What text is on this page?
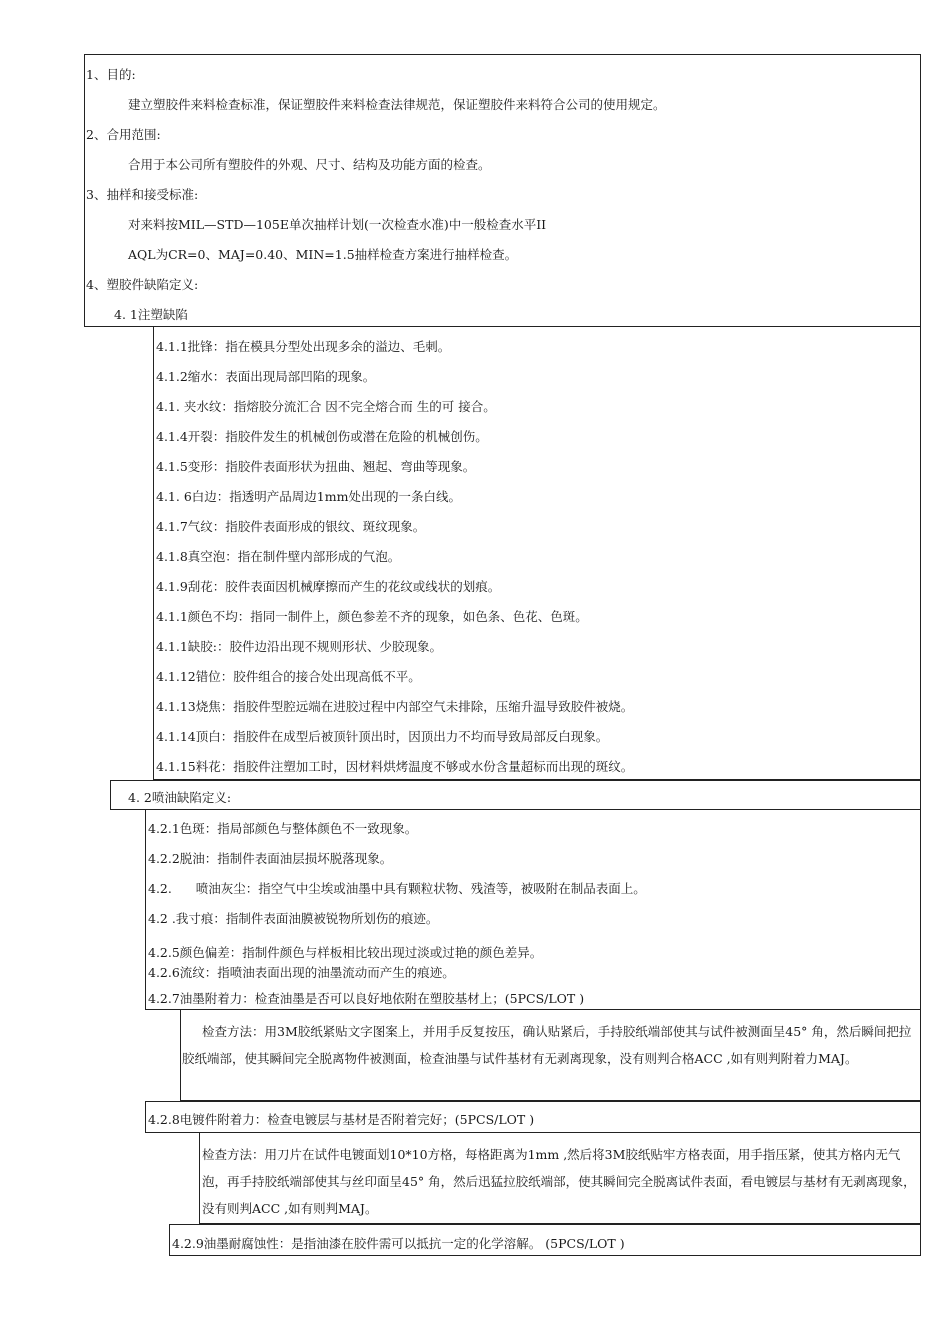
1、目的:
建立塑胶件来料检查标准，保证塑胶件来料检查法律规范，保证塑胶件来料符合公司的使用规定。
2、合用范围:
合用于本公司所有塑胶件的外观、尺寸、结构及功能方面的检查。
3、抽样和接受标准:
对来料按MIL—STD—105E单次抽样计划(一次检查水准)中一般检查水平II
AQL为CR=0、MAJ=0.40、MIN=1.5抽样检查方案进行抽样检查。
4、塑胶件缺陷定义:
4. 1注塑缺陷
4.1.1批锋：指在模具分型处出现多余的溢边、毛刺。
4.1.2缩水：表面出现局部凹陷的现象。
4.1. 夹水纹：指熔胶分流汇合 因不完全熔合而 生的可 接合。
4.1.4开裂：指胶件发生的机械创伤或潜在危险的机械创伤。
4.1.5变形：指胶件表面形状为扭曲、翘起、弯曲等现象。
4.1. 6白边：指透明产品周边1mm处出现的一条白线。
4.1.7气纹：指胶件表面形成的银纹、斑纹现象。
4.1.8真空泡：指在制件壁内部形成的气泡。
4.1.9刮花：胶件表面因机械摩擦而产生的花纹或线状的划痕。
4.1.1颜色不均：指同一制件上，颜色参差不齐的现象，如色条、色花、色斑。
4.1.1缺胶:：胶件边沿出现不规则形状、少胶现象。
4.1.12错位：胶件组合的接合处出现高低不平。
4.1.13烧焦：指胶件型腔远端在进胶过程中内部空气未排除，压缩升温导致胶件被烧。
4.1.14顶白：指胶件在成型后被顶针顶出时，因顶出力不均而导致局部反白现象。
4.1.15料花：指胶件注塑加工时，因材料烘烤温度不够或水份含量超标而出现的斑纹。
4. 2喷油缺陷定义:
4.2.1色斑：指局部颜色与整体颜色不一致现象。
4.2.2脱油：指制件表面油层损坏脱落现象。
4.2.      喷油灰尘：指空气中尘埃或油墨中具有颗粒状物、残渣等，被吸附在制品表面上。
4.2 .我寸痕：指制件表面油膜被锐物所划伤的痕迹。
4.2.5颜色偏差：指制件颜色与样板相比较出现过淡或过艳的颜色差异。
4.2.6流纹：指喷油表面出现的油墨流动而产生的痕迹。
4.2.7油墨附着力：检查油墨是否可以良好地依附在塑胶基材上；(5PCS/LOT )
检查方法：用3M胶纸紧贴文字图案上，并用手反复按压，确认贴紧后，手持胶纸端部使其与试件被测面呈45° 角，然后瞬间把拉胶纸端部，使其瞬间完全脱离物件被测面，检查油墨与试件基材有无剥离现象，没有则判合格ACC ,如有则判附着力MAJ。
4.2.8电镀件附着力：检查电镀层与基材是否附着完好；(5PCS/LOT )
检查方法：用刀片在试件电镀面划10*10方格，每格距离为1mm ,然后将3M胶纸贴牢方格表面，用手指压紧，使其方格内无气泡，再手持胶纸端部使其与丝印面呈45° 角，然后迅猛拉胶纸端部，使其瞬间完全脱离试件表面，看电镀层与基材有无剥离现象，没有则判ACC ,如有则判MAJ。
4.2.9油墨耐腐蚀性：是指油漆在胶件需可以抵抗一定的化学溶解。 (5PCS/LOT )
